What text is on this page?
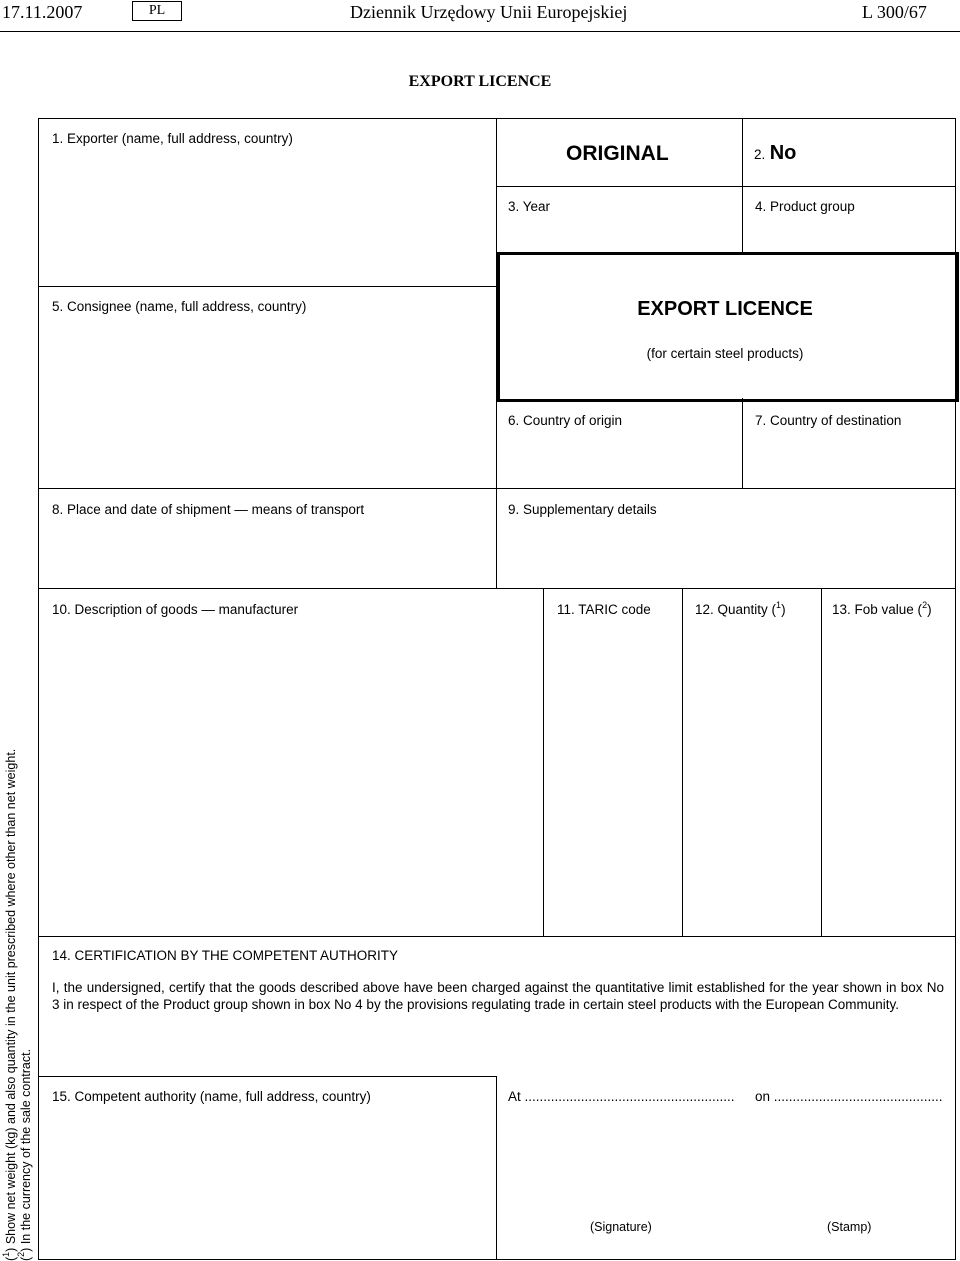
17.11.2007	PL	Dziennik Urzędowy Unii Europejskiej	L 300/67
EXPORT LICENCE
1. Exporter (name, full address, country)
ORIGINAL	2. No
3. Year	4. Product group
5. Consignee (name, full address, country)	EXPORT LICENCE
(for certain steel products)
6. Country of origin	7. Country of destination
8. Place and date of shipment — means of transport	9. Supplementary details
10. Description of goods — manufacturer	11. TARIC code	12. Quantity ($^1$)	13. Fob value ($^2$)
14. CERTIFICATION BY THE COMPETENT AUTHORITY
I, the undersigned, certify that the goods described above have been charged against the quantitative limit established for the year shown in box No 3 in respect of the Product group shown in box No 4 by the provisions regulating trade in certain steel products with the European Community.
15. Competent authority (name, full address, country)	At ........................................................ on .............................................
(Signature)	(Stamp)
($^1$) Show net weight (kg) and also quantity in the unit prescribed where other than net weight.
($^2$) In the currency of the sale contract.
